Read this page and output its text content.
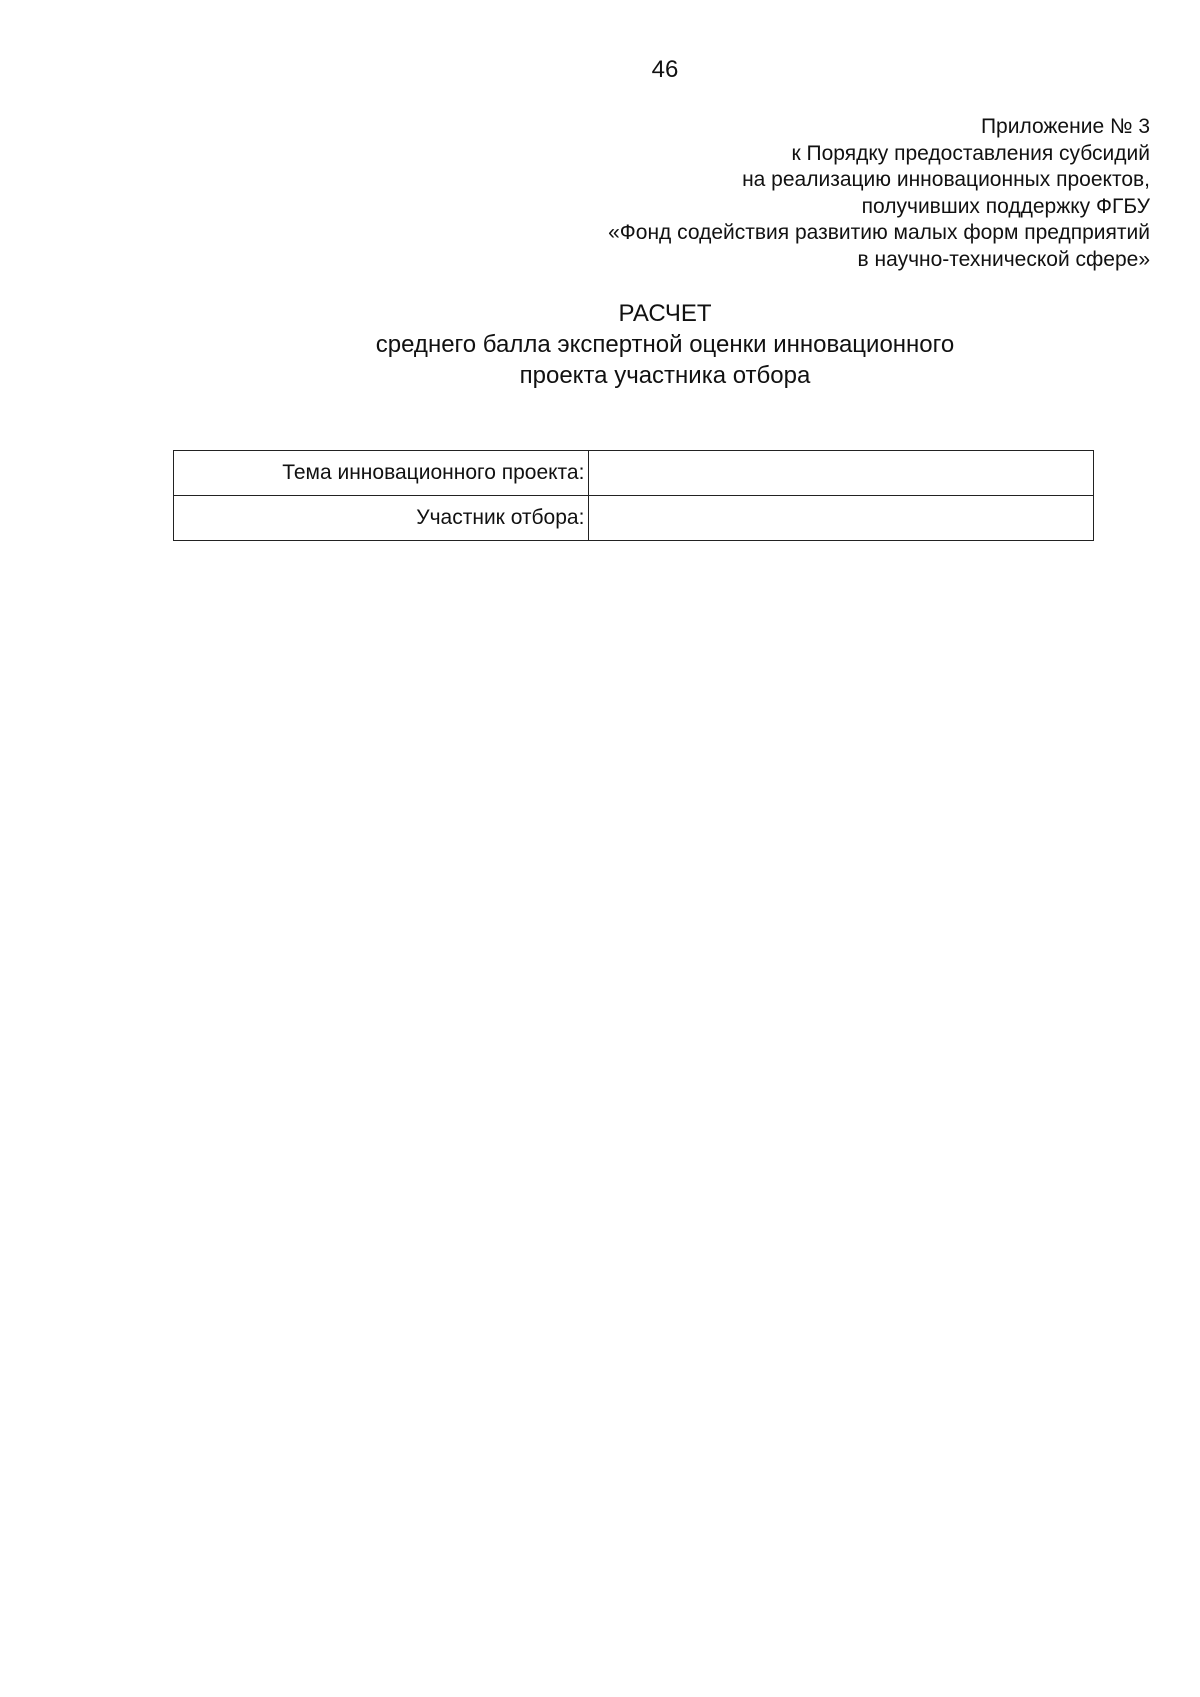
46
Приложение № 3
к Порядку предоставления субсидий
на реализацию инновационных проектов,
получивших поддержку ФГБУ
«Фонд содействия развитию малых форм предприятий
в научно-технической сфере»
РАСЧЕТ
среднего балла экспертной оценки инновационного
проекта участника отбора
Тема инновационного проекта:	
Участник отбора:	
